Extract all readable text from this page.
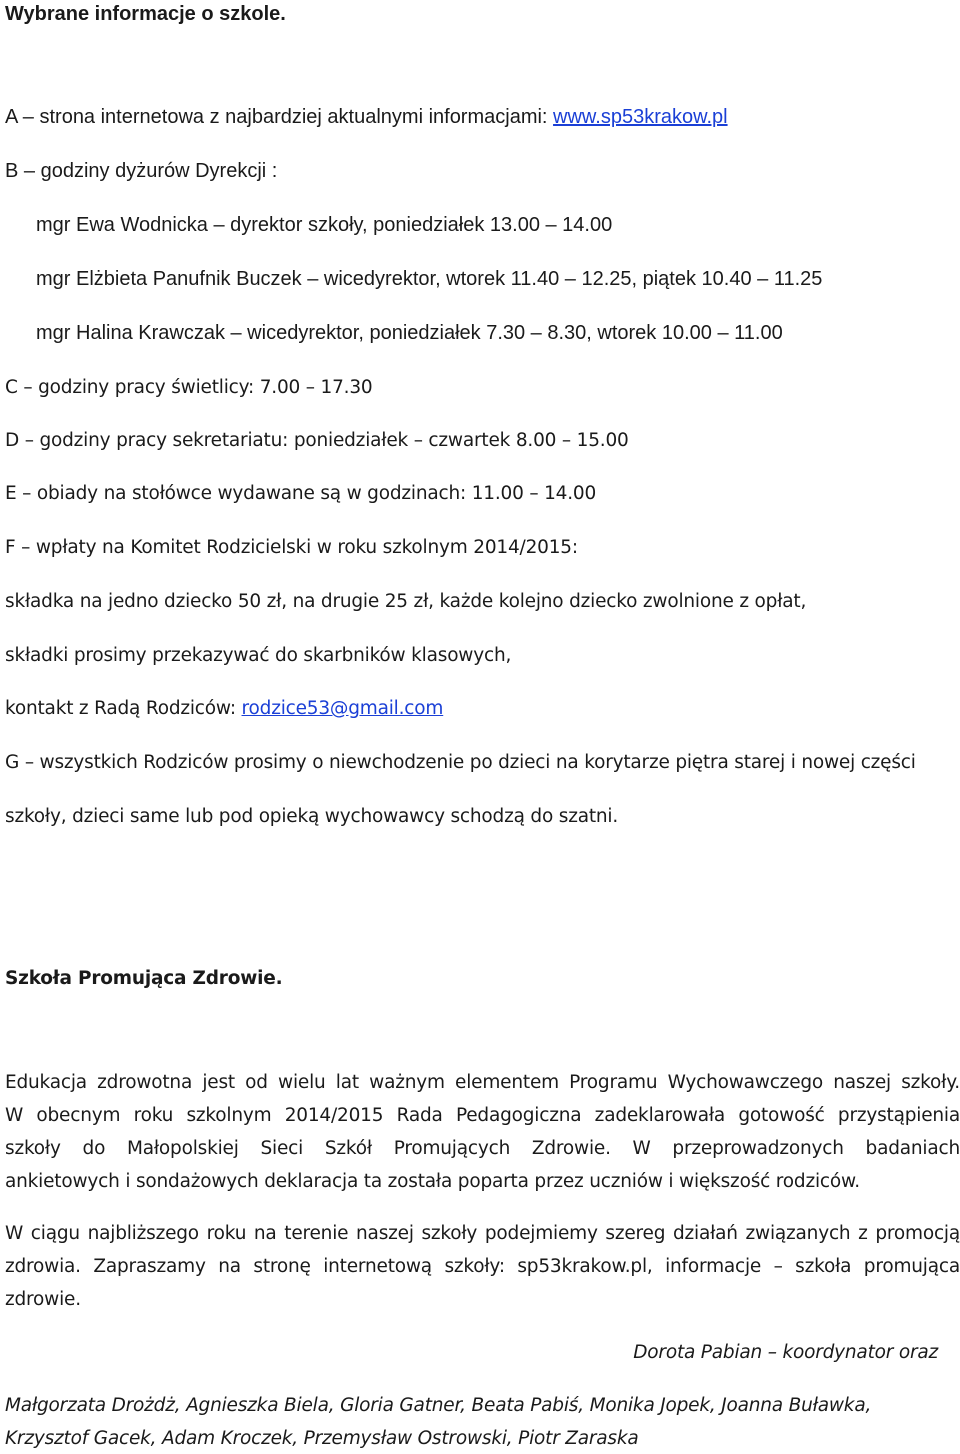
Wybrane informacje o szkole.
A – strona internetowa z najbardziej aktualnymi informacjami: www.sp53krakow.pl
B – godziny dyżurów Dyrekcji :
mgr Ewa Wodnicka – dyrektor szkoły, poniedziałek 13.00 – 14.00
mgr Elżbieta Panufnik Buczek – wicedyrektor, wtorek 11.40 – 12.25, piątek 10.40 – 11.25
mgr Halina Krawczak – wicedyrektor, poniedziałek 7.30 – 8.30, wtorek 10.00 – 11.00
C – godziny pracy świetlicy: 7.00 – 17.30
D – godziny pracy sekretariatu: poniedziałek – czwartek 8.00 – 15.00
E – obiady na stołówce wydawane są w godzinach: 11.00 – 14.00
F – wpłaty na Komitet Rodzicielski w roku szkolnym 2014/2015:
składka na jedno dziecko 50 zł, na drugie 25 zł, każde kolejno dziecko zwolnione z opłat,
składki prosimy przekazywać do skarbników klasowych,
kontakt z Radą Rodziców: rodzice53@gmail.com
G – wszystkich Rodziców prosimy o niewchodzenie po dzieci na korytarze piętra starej i nowej części
szkoły, dzieci same lub pod opieką wychowawcy schodzą do szatni.
Szkoła Promująca Zdrowie.
Edukacja zdrowotna jest od wielu lat ważnym elementem Programu Wychowawczego naszej szkoły.
W obecnym roku szkolnym 2014/2015 Rada Pedagogiczna zadeklarowała gotowość przystąpienia
szkoły do Małopolskiej Sieci Szkół Promujących Zdrowie. W przeprowadzonych badaniach
ankietowych i sondażowych deklaracja ta została poparta przez uczniów i większość rodziców.
W ciągu najbliższego roku na terenie naszej szkoły podejmiemy szereg działań związanych z promocją
zdrowia. Zapraszamy na stronę internetową szkoły: sp53krakow.pl, informacje – szkoła promująca
zdrowie.
Dorota Pabian – koordynator oraz
Małgorzata Drożdż, Agnieszka Biela, Gloria Gatner, Beata Pabiś, Monika Jopek, Joanna Buławka,
Krzysztof Gacek, Adam Kroczek, Przemysław Ostrowski, Piotr Zaraska
